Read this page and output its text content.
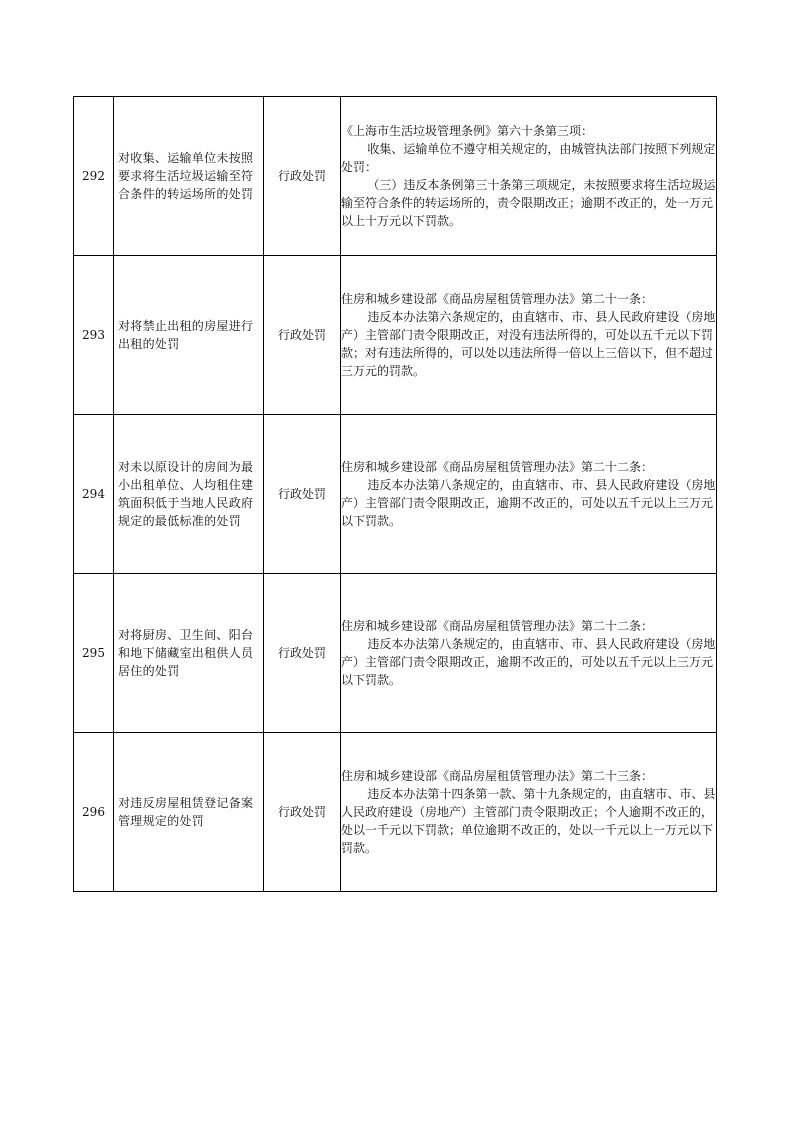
292	对收集、运输单位未按照要求将生活垃圾运输至符合条件的转运场所的处罚	行政处罚	《上海市生活垃圾管理条例》第六十条第三项：
收集、运输单位不遵守相关规定的，由城管执法部门按照下列规定处罚：
（三）违反本条例第三十条第三项规定，未按照要求将生活垃圾运输至符合条件的转运场所的，责令限期改正；逾期不改正的，处一万元以上十万元以下罚款。

293	对将禁止出租的房屋进行出租的处罚	行政处罚	住房和城乡建设部《商品房屋租赁管理办法》第二十一条：
违反本办法第六条规定的，由直辖市、市、县人民政府建设（房地产）主管部门责令限期改正，对没有违法所得的，可处以五千元以下罚款；对有违法所得的，可以处以违法所得一倍以上三倍以下，但不超过三万元的罚款。

294	对未以原设计的房间为最小出租单位、人均租住建筑面积低于当地人民政府规定的最低标准的处罚	行政处罚	住房和城乡建设部《商品房屋租赁管理办法》第二十二条：
违反本办法第八条规定的，由直辖市、市、县人民政府建设（房地产）主管部门责令限期改正，逾期不改正的，可处以五千元以上三万元以下罚款。

295	对将厨房、卫生间、阳台和地下储藏室出租供人员居住的处罚	行政处罚	住房和城乡建设部《商品房屋租赁管理办法》第二十二条：
违反本办法第八条规定的，由直辖市、市、县人民政府建设（房地产）主管部门责令限期改正，逾期不改正的，可处以五千元以上三万元以下罚款。

296	对违反房屋租赁登记备案管理规定的处罚	行政处罚	住房和城乡建设部《商品房屋租赁管理办法》第二十三条：
违反本办法第十四条第一款、第十九条规定的，由直辖市、市、县人民政府建设（房地产）主管部门责令限期改正；个人逾期不改正的，处以一千元以下罚款；单位逾期不改正的，处以一千元以上一万元以下罚款。
